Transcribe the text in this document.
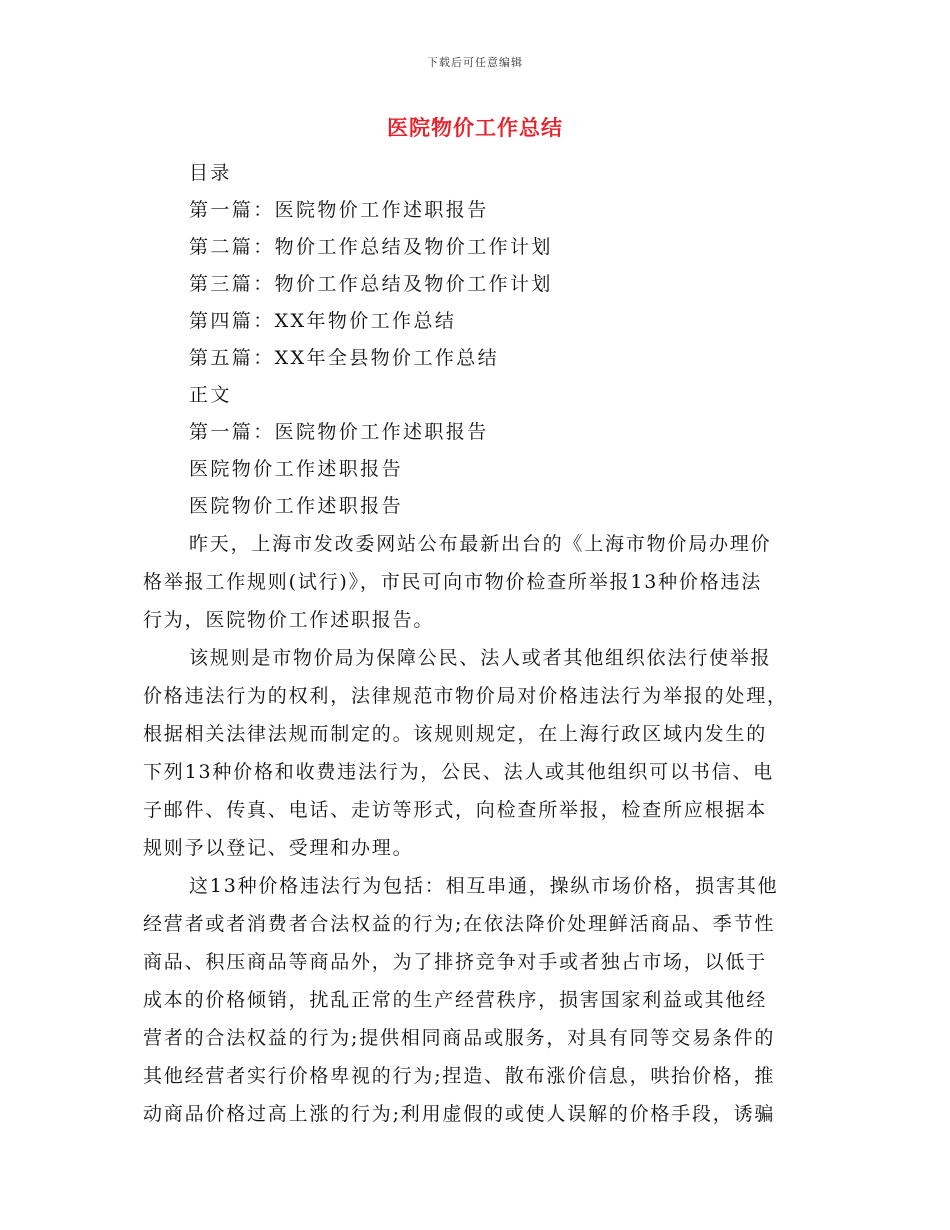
下载后可任意编辑
医院物价工作总结
目录
第一篇：医院物价工作述职报告
第二篇：物价工作总结及物价工作计划
第三篇：物价工作总结及物价工作计划
第四篇：XX年物价工作总结
第五篇：XX年全县物价工作总结
正文
第一篇：医院物价工作述职报告
医院物价工作述职报告
医院物价工作述职报告

昨天，上海市发改委网站公布最新出台的《上海市物价局办理价
格举报工作规则(试行)》，市民可向市物价检查所举报13种价格违法
行为，医院物价工作述职报告。

该规则是市物价局为保障公民、法人或者其他组织依法行使举报
价格违法行为的权利，法律规范市物价局对价格违法行为举报的处理，
根据相关法律法规而制定的。该规则规定，在上海行政区域内发生的
下列13种价格和收费违法行为，公民、法人或其他组织可以书信、电
子邮件、传真、电话、走访等形式，向检查所举报，检查所应根据本
规则予以登记、受理和办理。

这13种价格违法行为包括：相互串通，操纵市场价格，损害其他
经营者或者消费者合法权益的行为;在依法降价处理鲜活商品、季节性
商品、积压商品等商品外，为了排挤竞争对手或者独占市场，以低于
成本的价格倾销，扰乱正常的生产经营秩序，损害国家利益或其他经
营者的合法权益的行为;提供相同商品或服务，对具有同等交易条件的
其他经营者实行价格卑视的行为;捏造、散布涨价信息，哄抬价格，推
动商品价格过高上涨的行为;利用虚假的或使人误解的价格手段，诱骗
